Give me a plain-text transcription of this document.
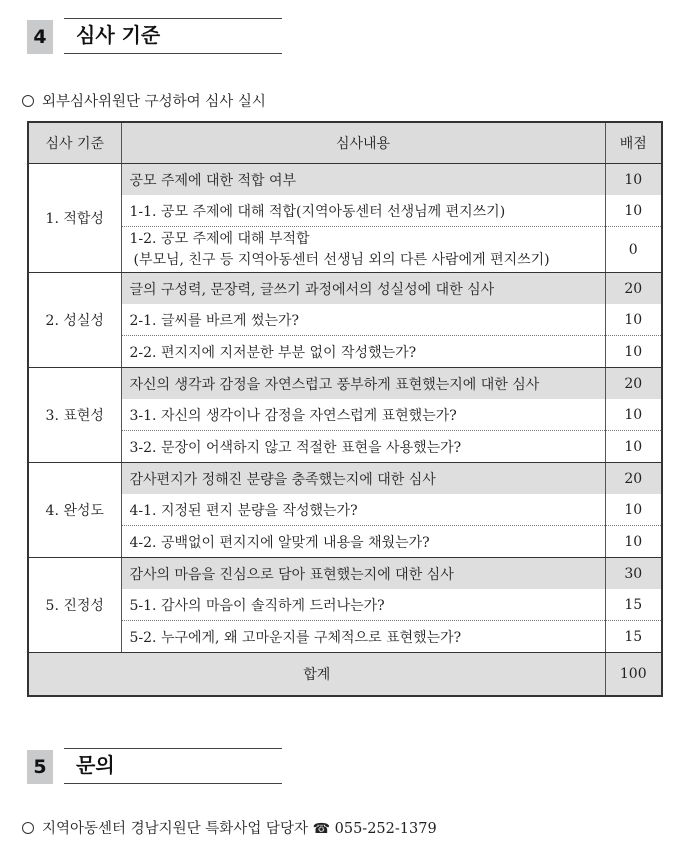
4	심사 기준
외부심사위원단 구성하여 심사 실시
심사 기준	심사내용	배점
1. 적합성	공모 주제에 대한 적합 여부	10
	1-1. 공모 주제에 대해 적합(지역아동센터 선생님께 편지쓰기)	10

	1-2. 공모 주제에 대해 부적합
(부모님, 친구 등 지역아동센터 선생님 외의 다른 사람에게 편지쓰기)	0
2. 성실성	글의 구성력, 문장력, 글쓰기 과정에서의 성실성에 대한 심사	20
	2-1. 글씨를 바르게 썼는가?	10
	2-2. 편지지에 지저분한 부분 없이 작성했는가?	10
3. 표현성	자신의 생각과 감정을 자연스럽고 풍부하게 표현했는지에 대한 심사	20
	3-1. 자신의 생각이나 감정을 자연스럽게 표현했는가?	10
	3-2. 문장이 어색하지 않고 적절한 표현을 사용했는가?	10
4. 완성도	감사편지가 정해진 분량을 충족했는지에 대한 심사	20
	4-1. 지정된 편지 분량을 작성했는가?	10
	4-2. 공백없이 편지지에 알맞게 내용을 채웠는가?	10
5. 진정성	감사의 마음을 진심으로 담아 표현했는지에 대한 심사	30
	5-1. 감사의 마음이 솔직하게 드러나는가?	15
	5-2. 누구에게, 왜 고마운지를 구체적으로 표현했는가?	15
합계		100
5	문의
지역아동센터 경남지원단 특화사업 담당자 ☎ 055-252-1379
